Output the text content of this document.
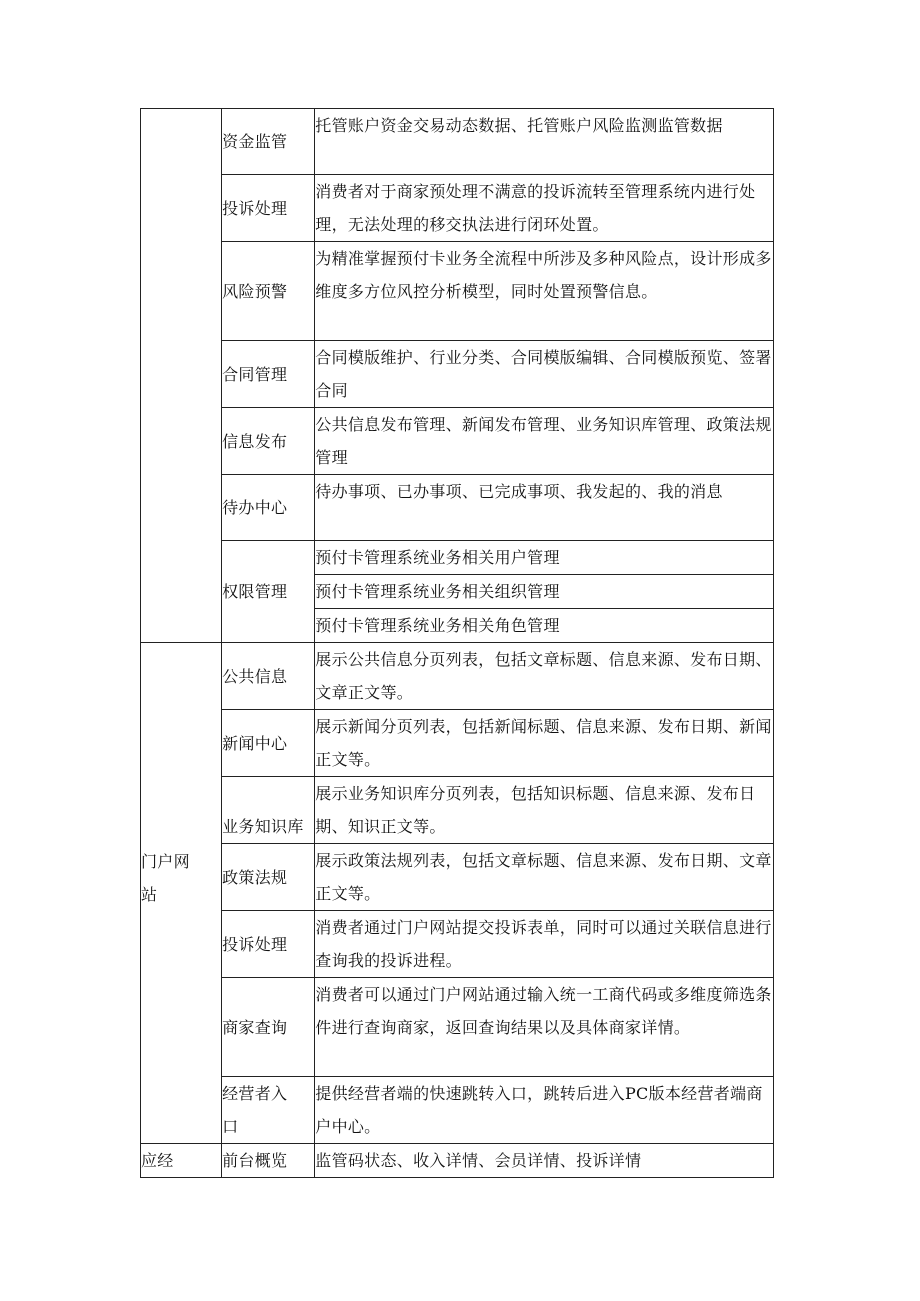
	资金监管	托管账户资金交易动态数据、托管账户风险监测监管数据
	投诉处理	消费者对于商家预处理不满意的投诉流转至管理系统内进行处理，无法处理的移交执法进行闭环处置。
	风险预警	为精准掌握预付卡业务全流程中所涉及多种风险点，设计形成多维度多方位风控分析模型，同时处置预警信息。
	合同管理	合同模版维护、行业分类、合同模版编辑、合同模版预览、签署合同
	信息发布	公共信息发布管理、新闻发布管理、业务知识库管理、政策法规管理
	待办中心	待办事项、已办事项、已完成事项、我发起的、我的消息
	权限管理	预付卡管理系统业务相关用户管理
		预付卡管理系统业务相关组织管理
		预付卡管理系统业务相关角色管理

门户网站	公共信息	展示公共信息分页列表，包括文章标题、信息来源、发布日期、文章正文等。
	新闻中心	展示新闻分页列表，包括新闻标题、信息来源、发布日期、新闻正文等。
	业务知识库	展示业务知识库分页列表，包括知识标题、信息来源、发布日期、知识正文等。
	政策法规	展示政策法规列表，包括文章标题、信息来源、发布日期、文章正文等。
	投诉处理	消费者通过门户网站提交投诉表单，同时可以通过关联信息进行查询我的投诉进程。
	商家查询	消费者可以通过门户网站通过输入统一工商代码或多维度筛选条件进行查询商家，返回查询结果以及具体商家详情。

	经营者入口	提供经营者端的快速跳转入口，跳转后进入PC版本经营者端商户中心。
应经	前台概览	监管码状态、收入详情、会员详情、投诉详情
